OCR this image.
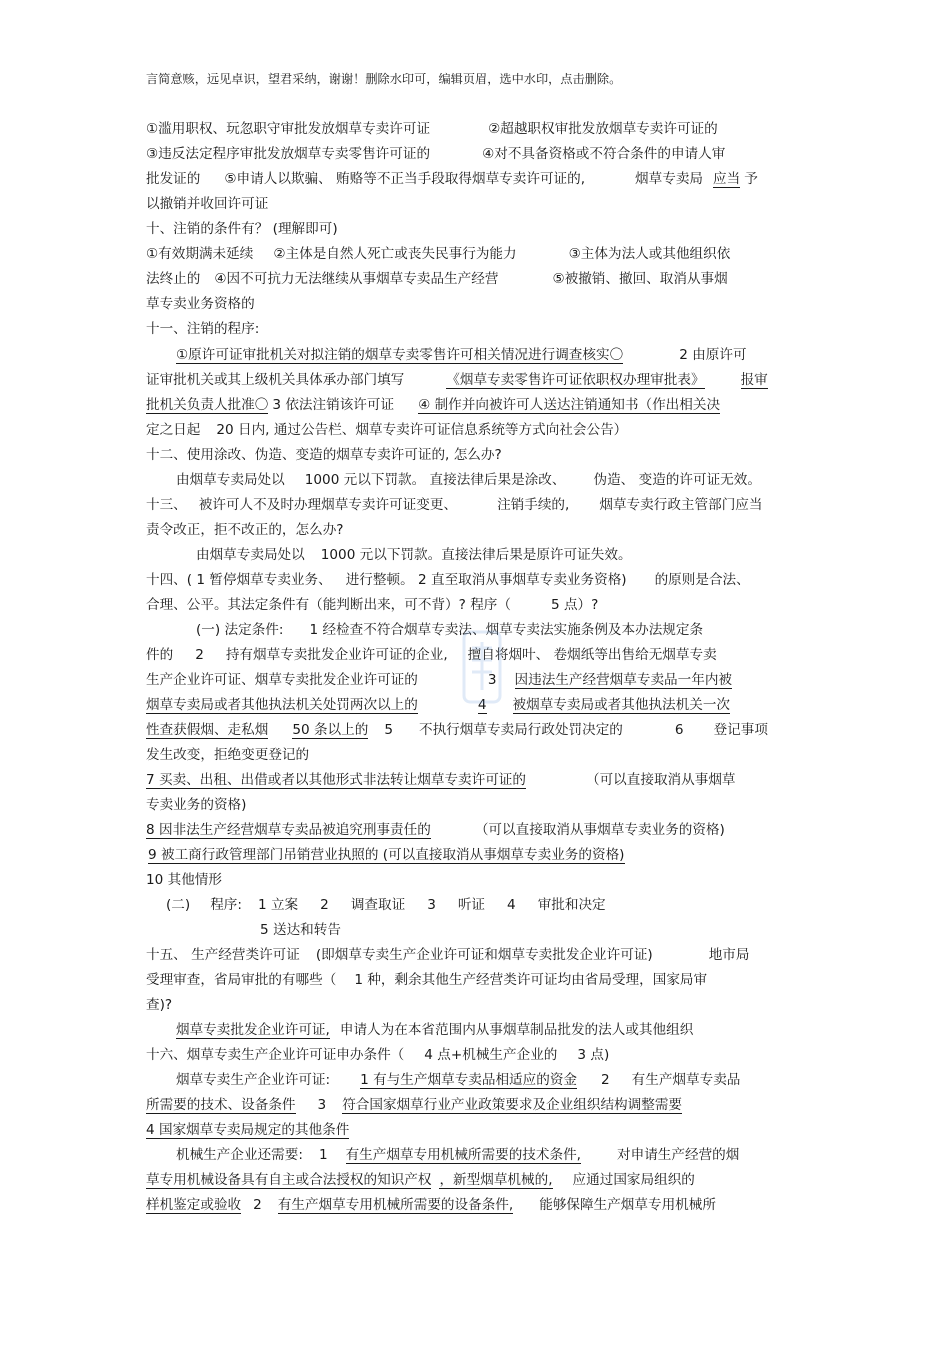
言简意赅，远见卓识，望君采纳，谢谢！删除水印可，编辑页眉，选中水印，点击删除。
①滥用职权、玩忽职守审批发放烟草专卖许可证	②超越职权审批发放烟草专卖许可证的
③违反法定程序审批发放烟草专卖零售许可证的	④对不具备资格或不符合条件的申请人审
批发证的 ⑤申请人以欺骗、 贿赂等不正当手段取得烟草专卖许可证的,	烟草专卖局 应当 予
以撤销并收回许可证
十、注销的条件有？ (理解即可)
①有效期满未延续 ②主体是自然人死亡或丧失民事行为能力	③主体为法人或其他组织依
法终止的 ④因不可抗力无法继续从事烟草专卖品生产经营	⑤被撤销、撤回、取消从事烟
草专卖业务资格的
十一、注销的程序:
①原许可证审批机关对拟注销的烟草专卖零售许可相关情况进行调查核实〇	2 由原许可
证审批机关或其上级机关具体承办部门填写	《烟草专卖零售许可证依职权办理审批表》	报审
批机关负责人批准〇 3 依法注销该许可证 ④ 制作并向被许可人送达注销通知书（作出相关决
定之日起 20 日内, 通过公告栏、烟草专卖许可证信息系统等方式向社会公告）
十二、使用涂改、伪造、变造的烟草专卖许可证的, 怎么办?
由烟草专卖局处以 1000 元以下罚款。 直接法律后果是涂改、 伪造、 变造的许可证无效。
十三、 被许可人不及时办理烟草专卖许可证变更、	注销手续的, 烟草专卖行政主管部门应当
责令改正，拒不改正的，怎么办?
由烟草专卖局处以 1000 元以下罚款。直接法律后果是原许可证失效。
十四、( 1 暂停烟草专卖业务、 进行整顿。 2 直至取消从事烟草专卖业务资格) 的原则是合法、
合理、公平。其法定条件有（能判断出来，可不背）? 程序（	5 点）?
(一) 法定条件: 1 经检查不符合烟草专卖法、烟草专卖法实施条例及本办法规定条
件的 2 持有烟草专卖批发企业许可证的企业, 擅自将烟叶、 卷烟纸等出售给无烟草专卖
生产企业许可证、烟草专卖批发企业许可证的	3 因违法生产经营烟草专卖品一年内被
烟草专卖局或者其他执法机关处罚两次以上的	4 被烟草专卖局或者其他执法机关一次
性查获假烟、走私烟 50 条以上的 5 不执行烟草专卖局行政处罚决定的	6 登记事项
发生改变，拒绝变更登记的
7 买卖、出租、出借或者以其他形式非法转让烟草专卖许可证的	（可以直接取消从事烟草
专卖业务的资格)
8 因非法生产经营烟草专卖品被追究刑事责任的	（可以直接取消从事烟草专卖业务的资格)
9 被工商行政管理部门吊销营业执照的 (可以直接取消从事烟草专卖业务的资格)
10 其他情形
(二) 程序: 1 立案 2 调查取证 3 听证 4 审批和决定
5 送达和转告
十五、 生产经营类许可证 (即烟草专卖生产企业许可证和烟草专卖批发企业许可证)	地市局
受理审查，省局审批的有哪些（ 1 种，剩余其他生产经营类许可证均由省局受理，国家局审
查)?
烟草专卖批发企业许可证, 申请人为在本省范围内从事烟草制品批发的法人或其他组织
十六、烟草专卖生产企业许可证申办条件（ 4 点+机械生产企业的 3 点)
烟草专卖生产企业许可证: 1 有与生产烟草专卖品相适应的资金 2 有生产烟草专卖品
所需要的技术、设备条件 3 符合国家烟草行业产业政策要求及企业组织结构调整需要
4 国家烟草专卖局规定的其他条件
机械生产企业还需要: 1 有生产烟草专用机械所需要的技术条件,	对申请生产经营的烟
草专用机械设备具有自主或合法授权的知识产权 ，新型烟草机械的, 应通过国家局组织的
样机鉴定或验收 2 有生产烟草专用机械所需要的设备条件, 能够保障生产烟草专用机械所
